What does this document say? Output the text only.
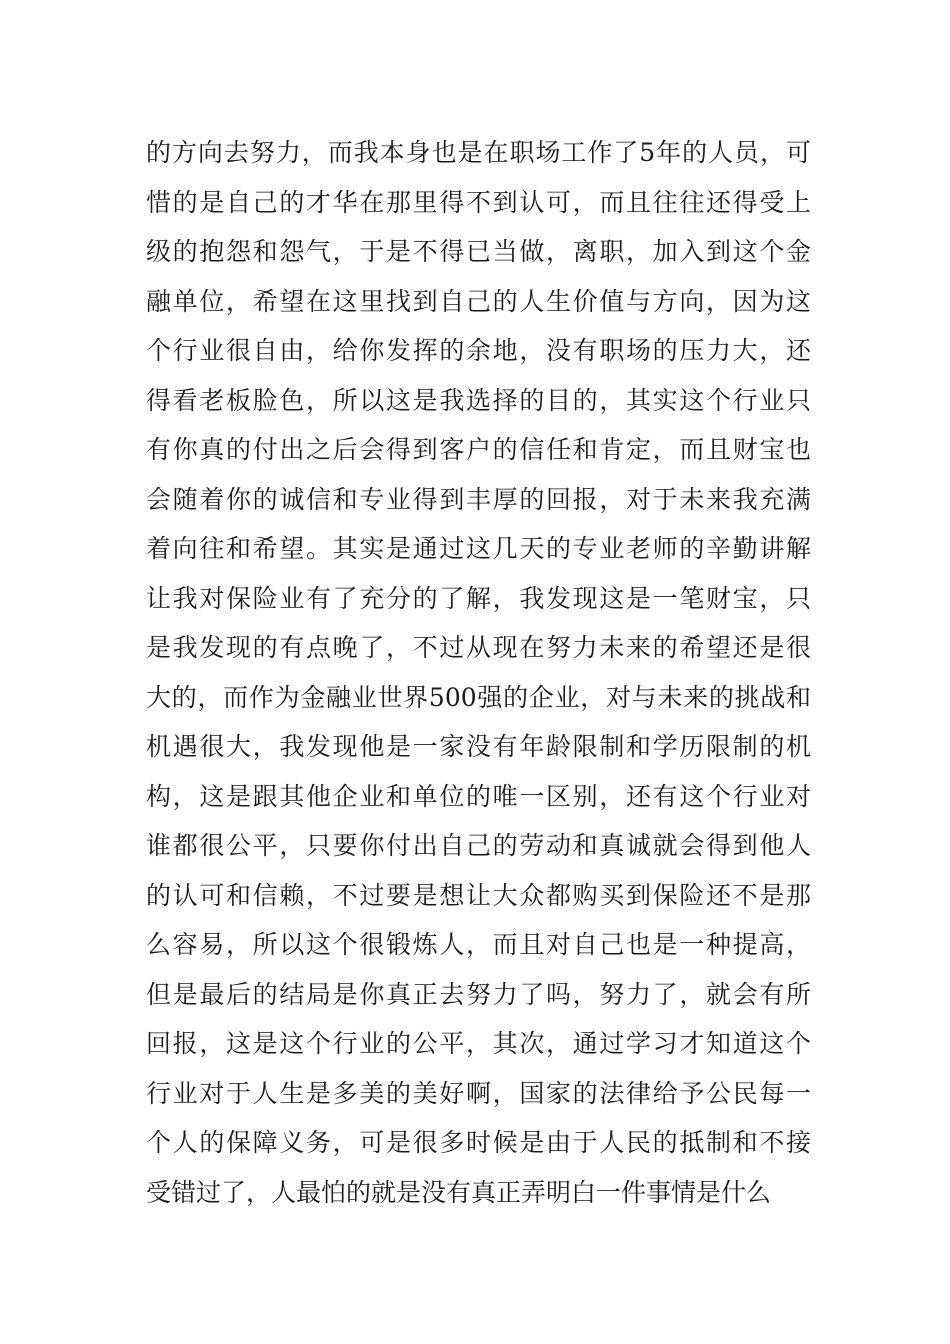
的方向去努力，而我本身也是在职场工作了5年的人员，可
惜的是自己的才华在那里得不到认可，而且往往还得受上
级的抱怨和怨气，于是不得已当做，离职，加入到这个金
融单位，希望在这里找到自己的人生价值与方向，因为这
个行业很自由，给你发挥的余地，没有职场的压力大，还
得看老板脸色，所以这是我选择的目的，其实这个行业只
有你真的付出之后会得到客户的信任和肯定，而且财宝也
会随着你的诚信和专业得到丰厚的回报，对于未来我充满
着向往和希望。其实是通过这几天的专业老师的辛勤讲解
让我对保险业有了充分的了解，我发现这是一笔财宝，只
是我发现的有点晚了，不过从现在努力未来的希望还是很
大的，而作为金融业世界500强的企业，对与未来的挑战和
机遇很大，我发现他是一家没有年龄限制和学历限制的机
构，这是跟其他企业和单位的唯一区别，还有这个行业对
谁都很公平，只要你付出自己的劳动和真诚就会得到他人
的认可和信赖，不过要是想让大众都购买到保险还不是那
么容易，所以这个很锻炼人，而且对自己也是一种提高，
但是最后的结局是你真正去努力了吗，努力了，就会有所
回报，这是这个行业的公平，其次，通过学习才知道这个
行业对于人生是多美的美好啊，国家的法律给予公民每一
个人的保障义务，可是很多时候是由于人民的抵制和不接
受错过了，人最怕的就是没有真正弄明白一件事情是什么
